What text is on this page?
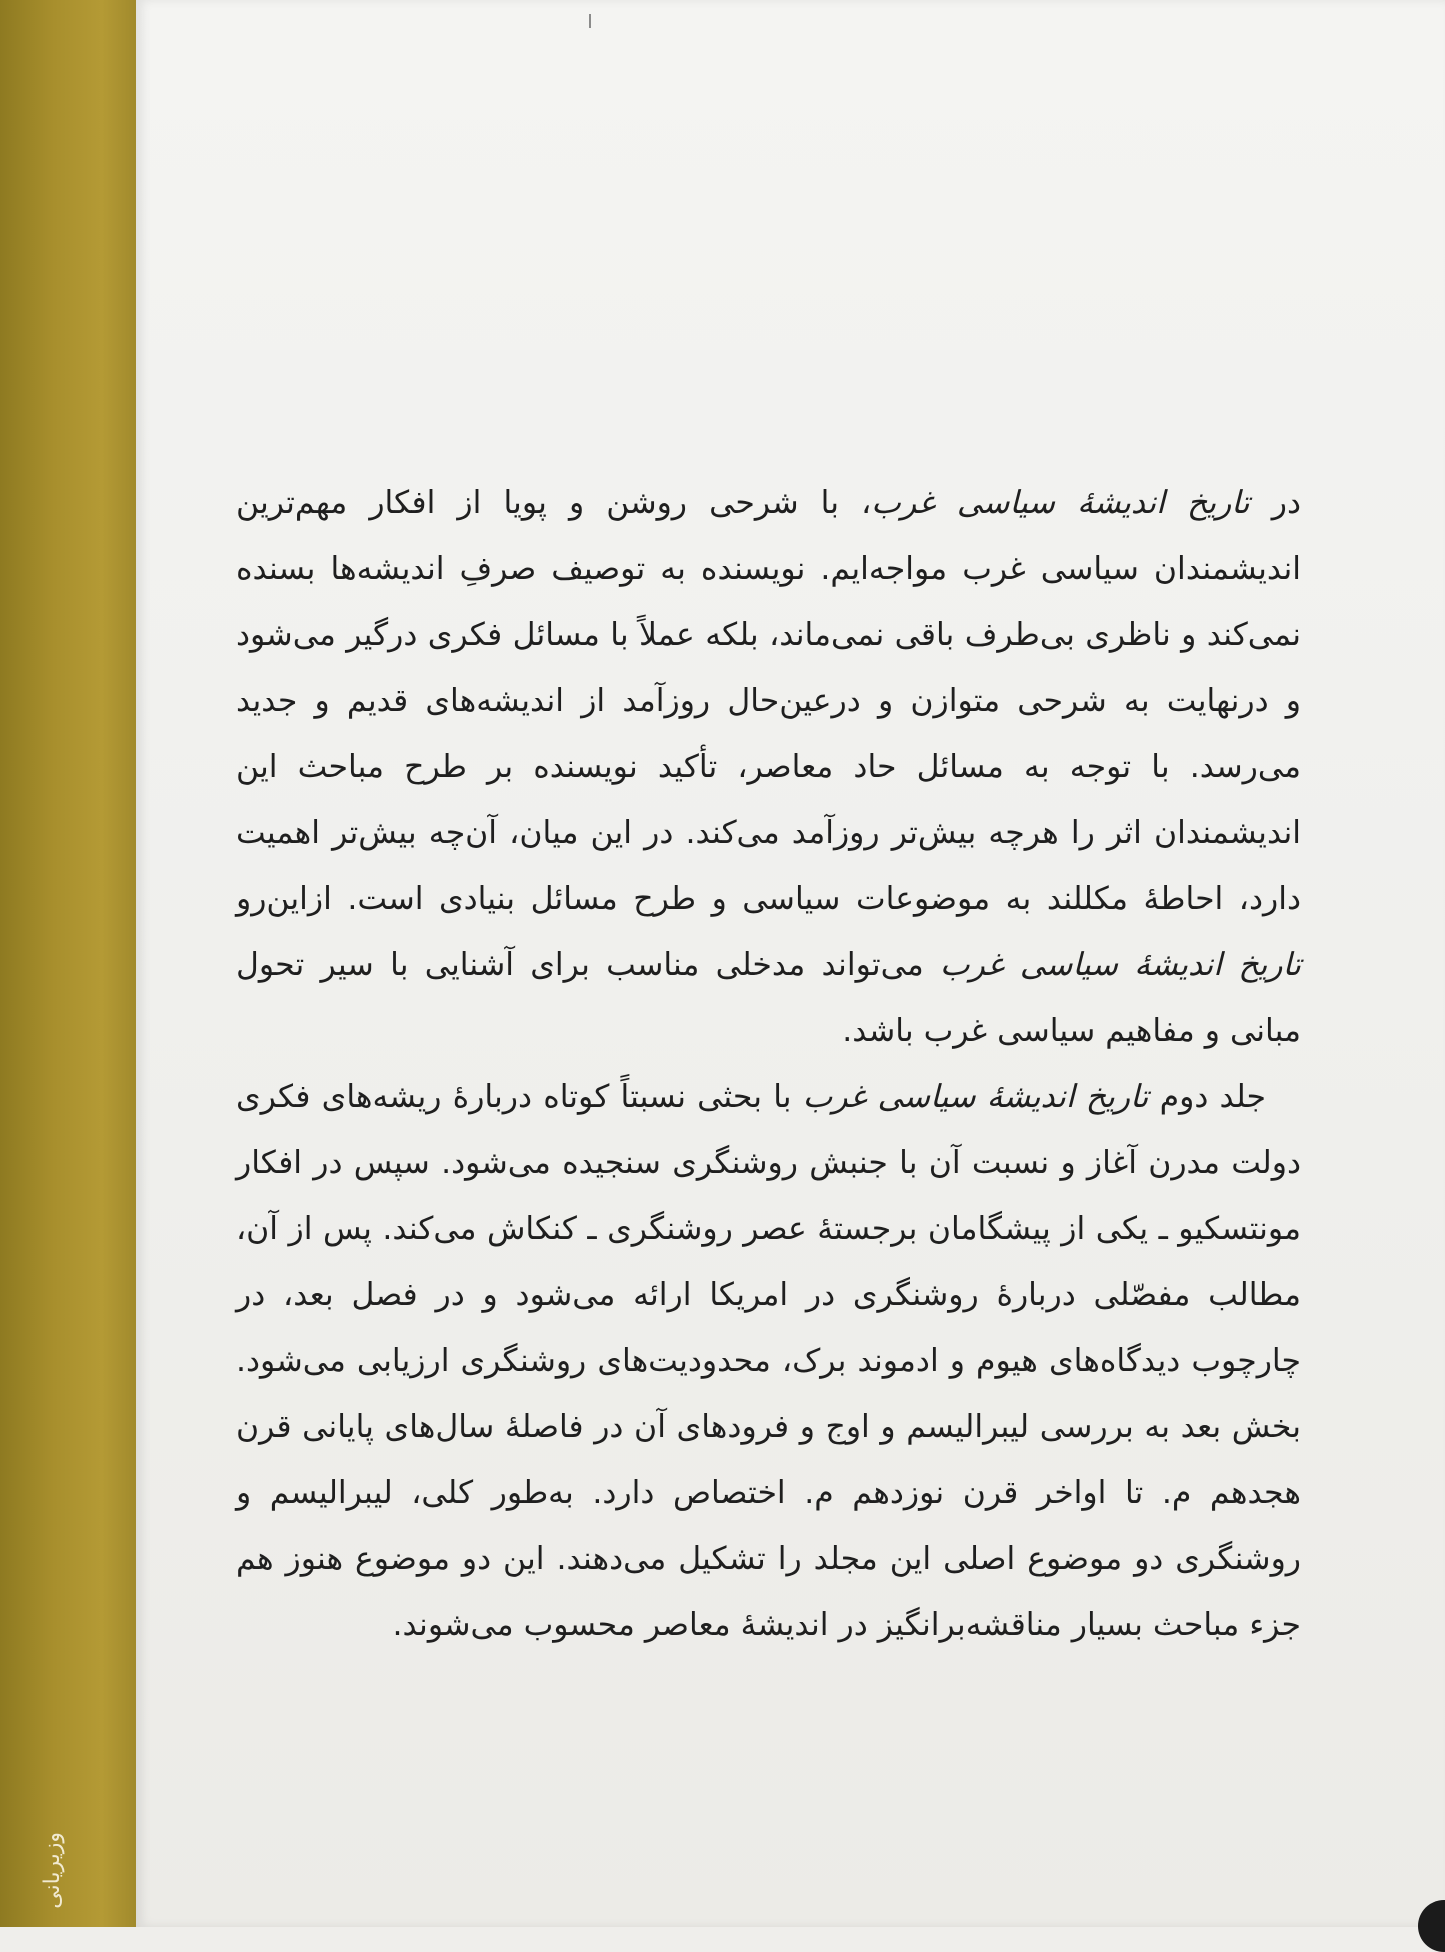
وزیریانی

در تاریخ اندیشهٔ سیاسی غرب، با شرحی روشن و پویا از افکار مهم‌ترین اندیشمندان سیاسی غرب مواجه‌ایم. نویسنده به توصیف صرفِ اندیشه‌ها بسنده نمی‌کند و ناظری بی‌طرف باقی نمی‌ماند، بلکه عملاً با مسائل فکری درگیر می‌شود و درنهایت به شرحی متوازن و درعین‌حال روزآمد از اندیشه‌های قدیم و جدید می‌رسد. با توجه به مسائل حاد معاصر، تأکید نویسنده بر طرح مباحث این اندیشمندان اثر را هرچه بیش‌تر روزآمد می‌کند. در این میان، آن‌چه بیش‌تر اهمیت دارد، احاطهٔ مکللند به موضوعات سیاسی و طرح مسائل بنیادی است. ازاین‌رو تاریخ اندیشهٔ سیاسی غرب می‌تواند مدخلی مناسب برای آشنایی با سیر تحول مبانی و مفاهیم سیاسی غرب باشد.

جلد دوم تاریخ اندیشهٔ سیاسی غرب با بحثی نسبتاً کوتاه دربارهٔ ریشه‌های فکری دولت مدرن آغاز و نسبت آن با جنبش روشنگری سنجیده می‌شود. سپس در افکار مونتسکیو ـ یکی از پیشگامان برجستهٔ عصر روشنگری ـ کنکاش می‌کند. پس از آن، مطالب مفصّلی دربارهٔ روشنگری در امریکا ارائه می‌شود و در فصل بعد، در چارچوب دیدگاه‌های هیوم و ادموند برک، محدودیت‌های روشنگری ارزیابی می‌شود. بخش بعد به بررسی لیبرالیسم و اوج و فرودهای آن در فاصلهٔ سال‌های پایانی قرن هجدهم م. تا اواخر قرن نوزدهم م. اختصاص دارد. به‌طور کلی، لیبرالیسم و روشنگری دو موضوع اصلی این مجلد را تشکیل می‌دهند. این دو موضوع هنوز هم جزء مباحث بسیار مناقشه‌برانگیز در اندیشهٔ معاصر محسوب می‌شوند.
